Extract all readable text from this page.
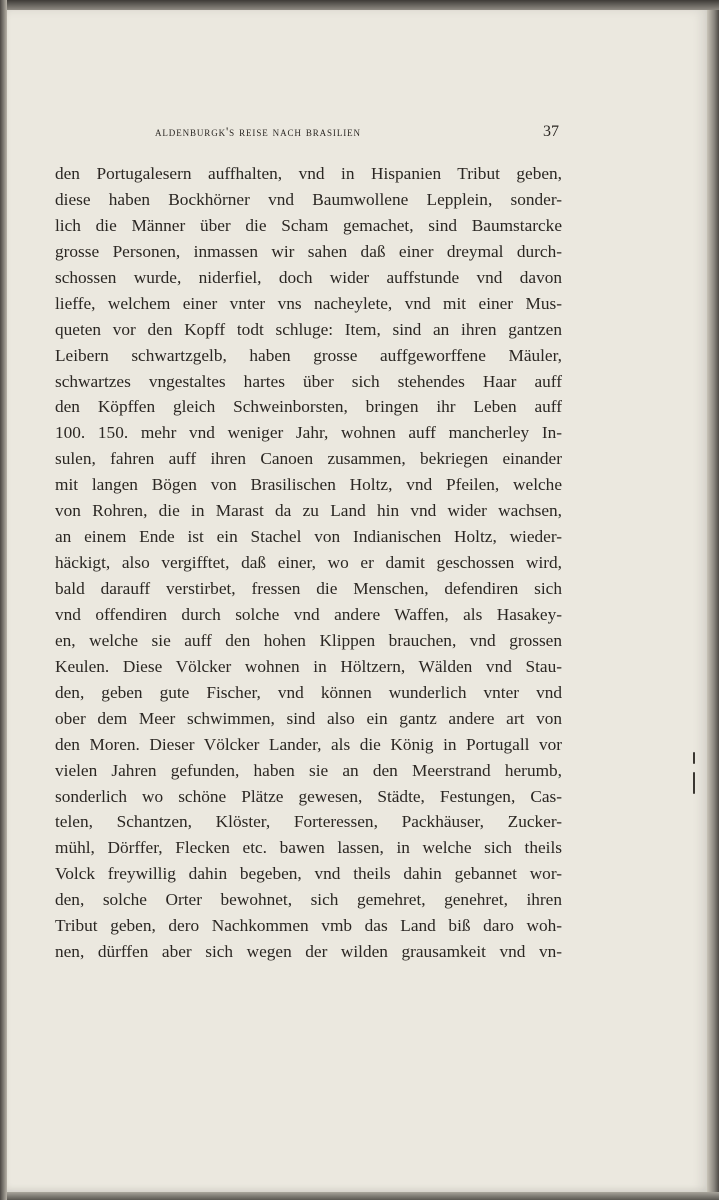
aldenburgk's reise nach brasilien	37
den Portugalesern auffhalten, vnd in Hispanien Tribut geben,
diese haben Bockhörner vnd Baumwollene Lepplein, sonder-
lich die Männer über die Scham gemachet, sind Baumstarcke
grosse Personen, inmassen wir sahen daß einer dreymal durch-
schossen wurde, niderfiel, doch wider auffstunde vnd davon
lieffe, welchem einer vnter vns nacheylete, vnd mit einer Mus-
queten vor den Kopff todt schluge: Item, sind an ihren gantzen
Leibern schwartzgelb, haben grosse auffgeworffene Mäuler,
schwartzes vngestaltes hartes über sich stehendes Haar auff
den Köpffen gleich Schweinborsten, bringen ihr Leben auff
100. 150. mehr vnd weniger Jahr, wohnen auff mancherley In-
sulen, fahren auff ihren Canoen zusammen, bekriegen einander
mit langen Bögen von Brasilischen Holtz, vnd Pfeilen, welche
von Rohren, die in Marast da zu Land hin vnd wider wachsen,
an einem Ende ist ein Stachel von Indianischen Holtz, wieder-
häckigt, also vergifftet, daß einer, wo er damit geschossen wird,
bald darauff verstirbet, fressen die Menschen, defendiren sich
vnd offendiren durch solche vnd andere Waffen, als Hasakey-
en, welche sie auff den hohen Klippen brauchen, vnd grossen
Keulen. Diese Völcker wohnen in Höltzern, Wälden vnd Stau-
den, geben gute Fischer, vnd können wunderlich vnter vnd
ober dem Meer schwimmen, sind also ein gantz andere art von
den Moren. Dieser Völcker Lander, als die König in Portugall vor
vielen Jahren gefunden, haben sie an den Meerstrand herumb,
sonderlich wo schöne Plätze gewesen, Städte, Festungen, Cas-
telen, Schantzen, Klöster, Forteressen, Packhäuser, Zucker-
mühl, Dörffer, Flecken etc. bawen lassen, in welche sich theils
Volck freywillig dahin begeben, vnd theils dahin gebannet wor-
den, solche Orter bewohnet, sich gemehret, genehret, ihren
Tribut geben, dero Nachkommen vmb das Land biß daro woh-
nen, dürffen aber sich wegen der wilden grausamkeit vnd vn-
